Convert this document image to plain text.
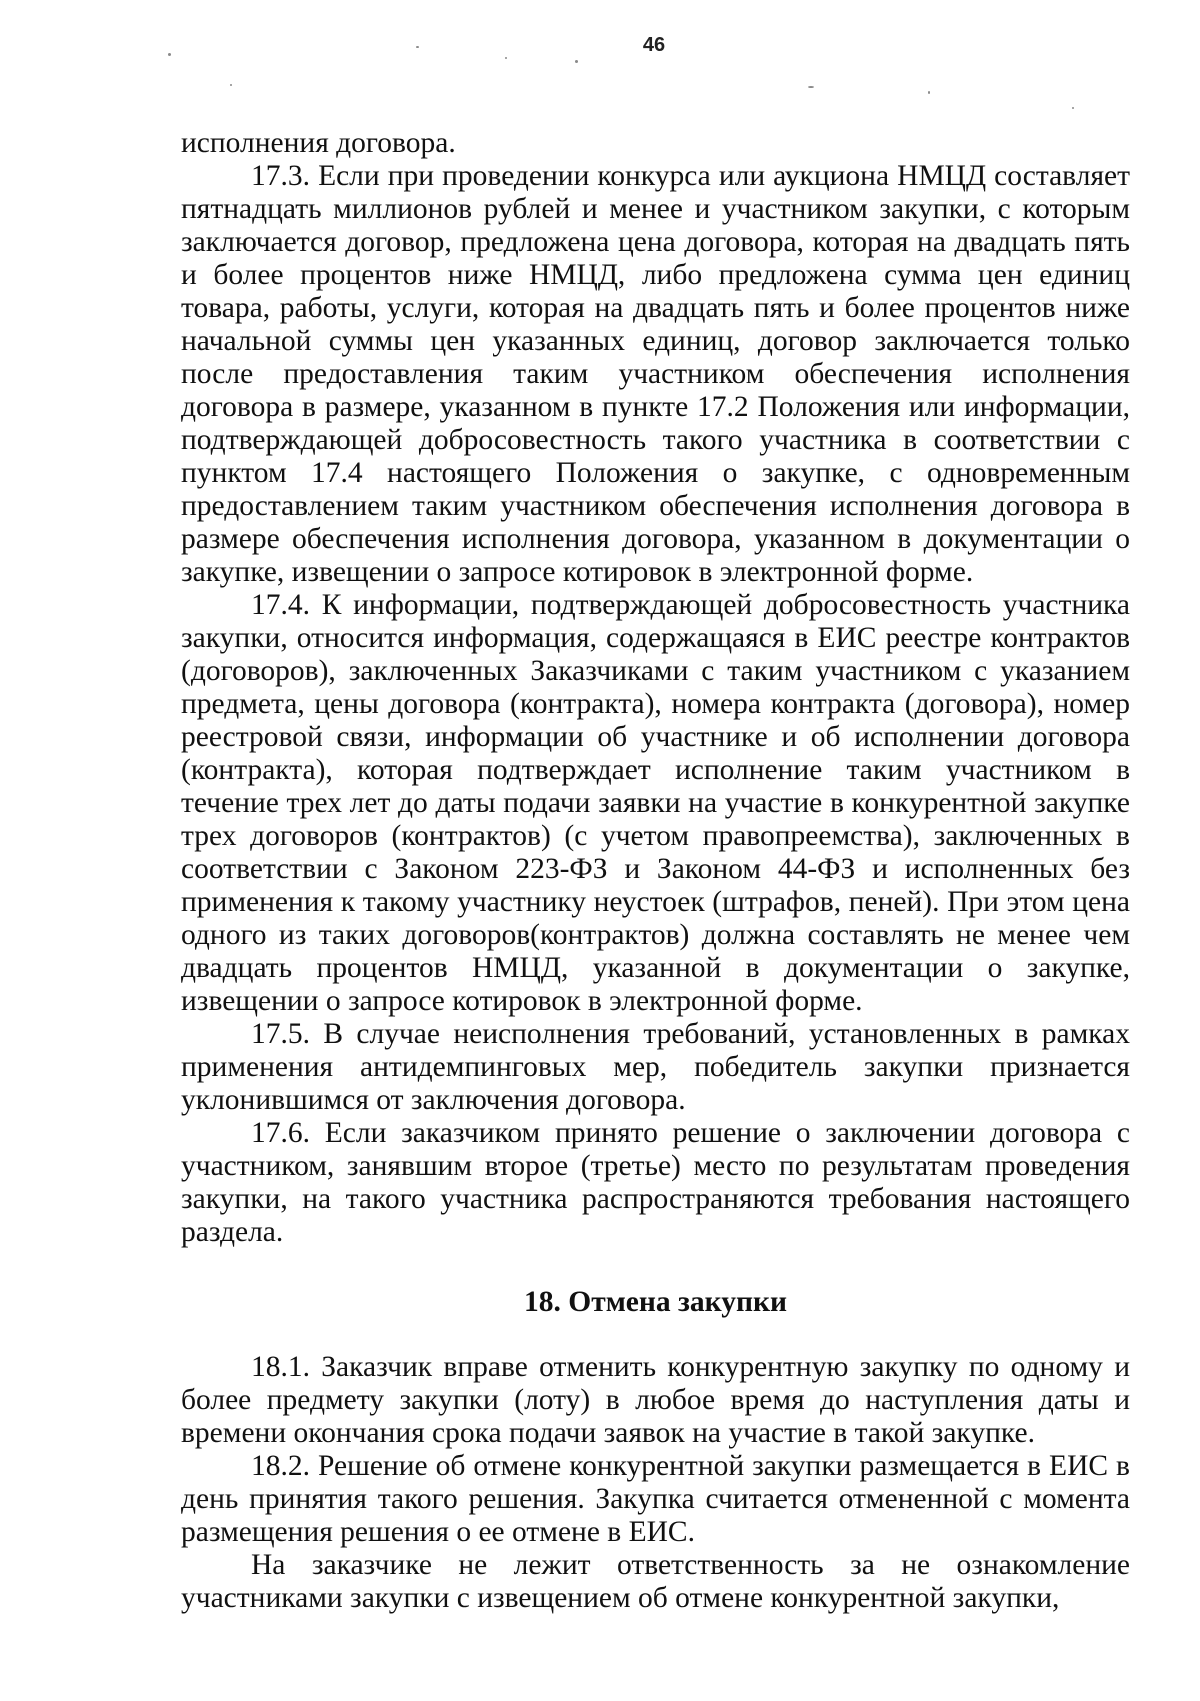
46

исполнения договора.

17.3. Если при проведении конкурса или аукциона НМЦД составляет пятнадцать миллионов рублей и менее и участником закупки, с которым заключается договор, предложена цена договора, которая на двадцать пять и более процентов ниже НМЦД, либо предложена сумма цен единиц товара, работы, услуги, которая на двадцать пять и более процентов ниже начальной суммы цен указанных единиц, договор заключается только после предоставления таким участником обеспечения исполнения договора в размере, указанном в пункте 17.2 Положения или информации, подтверждающей добросовестность такого участника в соответствии с пунктом 17.4 настоящего Положения о закупке, с одновременным предоставлением таким участником обеспечения исполнения договора в размере обеспечения исполнения договора, указанном в документации о закупке, извещении о запросе котировок в электронной форме.

17.4. К информации, подтверждающей добросовестность участника закупки, относится информация, содержащаяся в ЕИС реестре контрактов (договоров), заключенных Заказчиками с таким участником с указанием предмета, цены договора (контракта), номера контракта (договора), номер реестровой связи, информации об участнике и об исполнении договора (контракта), которая подтверждает исполнение таким участником в течение трех лет до даты подачи заявки на участие в конкурентной закупке трех договоров (контрактов) (с учетом правопреемства), заключенных в соответствии с Законом 223-ФЗ и Законом 44-ФЗ и исполненных без применения к такому участнику неустоек (штрафов, пеней). При этом цена одного из таких договоров(контрактов) должна составлять не менее чем двадцать процентов НМЦД, указанной в документации о закупке, извещении о запросе котировок в электронной форме.

17.5. В случае неисполнения требований, установленных в рамках применения антидемпинговых мер, победитель закупки признается уклонившимся от заключения договора.

17.6. Если заказчиком принято решение о заключении договора с участником, занявшим второе (третье) место по результатам проведения закупки, на такого участника распространяются требования настоящего раздела.

18. Отмена закупки

18.1. Заказчик вправе отменить конкурентную закупку по одному и более предмету закупки (лоту) в любое время до наступления даты и времени окончания срока подачи заявок на участие в такой закупке.

18.2. Решение об отмене конкурентной закупки размещается в ЕИС в день принятия такого решения. Закупка считается отмененной с момента размещения решения о ее отмене в ЕИС.

На заказчике не лежит ответственность за не ознакомление участниками закупки с извещением об отмене конкурентной закупки,
